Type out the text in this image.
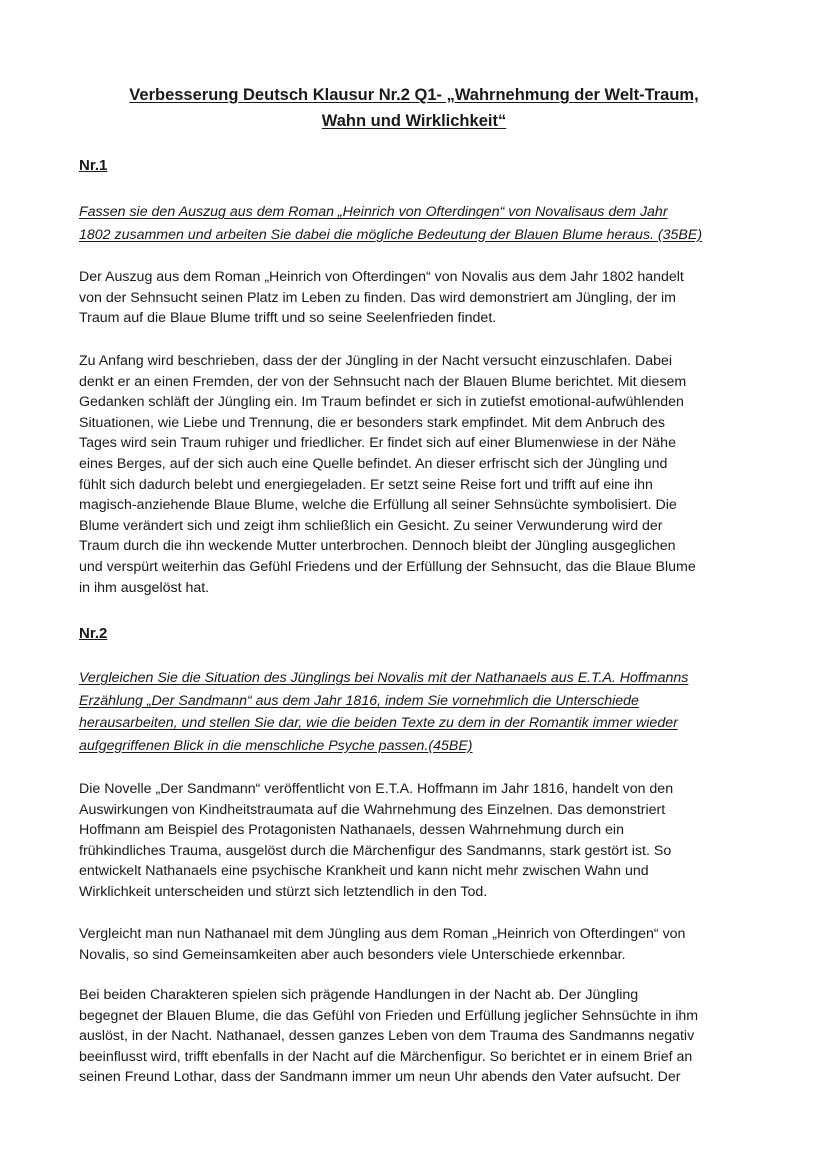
Verbesserung Deutsch Klausur Nr.2 Q1- „Wahrnehmung der Welt-Traum,
Wahn und Wirklichkeit“
Nr.1

Fassen sie den Auszug aus dem Roman „Heinrich von Ofterdingen“ von Novalisaus dem Jahr
1802 zusammen und arbeiten Sie dabei die mögliche Bedeutung der Blauen Blume heraus. (35BE)

Der Auszug aus dem Roman „Heinrich von Ofterdingen“ von Novalis aus dem Jahr 1802 handelt
von der Sehnsucht seinen Platz im Leben zu finden. Das wird demonstriert am Jüngling, der im
Traum auf die Blaue Blume trifft und so seine Seelenfrieden findet.

Zu Anfang wird beschrieben, dass der der Jüngling in der Nacht versucht einzuschlafen. Dabei
denkt er an einen Fremden, der von der Sehnsucht nach der Blauen Blume berichtet. Mit diesem
Gedanken schläft der Jüngling ein. Im Traum befindet er sich in zutiefst emotional-aufwühlenden
Situationen, wie Liebe und Trennung, die er besonders stark empfindet. Mit dem Anbruch des
Tages wird sein Traum ruhiger und friedlicher. Er findet sich auf einer Blumenwiese in der Nähe
eines Berges, auf der sich auch eine Quelle befindet. An dieser erfrischt sich der Jüngling und
fühlt sich dadurch belebt und energiegeladen. Er setzt seine Reise fort und trifft auf eine ihn
magisch-anziehende Blaue Blume, welche die Erfüllung all seiner Sehnsüchte symbolisiert. Die
Blume verändert sich und zeigt ihm schließlich ein Gesicht. Zu seiner Verwunderung wird der
Traum durch die ihn weckende Mutter unterbrochen. Dennoch bleibt der Jüngling ausgeglichen
und verspürt weiterhin das Gefühl Friedens und der Erfüllung der Sehnsucht, das die Blaue Blume
in ihm ausgelöst hat.

Nr.2

Vergleichen Sie die Situation des Jünglings bei Novalis mit der Nathanaels aus E.T.A. Hoffmanns
Erzählung „Der Sandmann“ aus dem Jahr 1816, indem Sie vornehmlich die Unterschiede
herausarbeiten, und stellen Sie dar, wie die beiden Texte zu dem in der Romantik immer wieder
aufgegriffenen Blick in die menschliche Psyche passen.(45BE)

Die Novelle „Der Sandmann“ veröffentlicht von E.T.A. Hoffmann im Jahr 1816, handelt von den
Auswirkungen von Kindheitstraumata auf die Wahrnehmung des Einzelnen. Das demonstriert
Hoffmann am Beispiel des Protagonisten Nathanaels, dessen Wahrnehmung durch ein
frühkindliches Trauma, ausgelöst durch die Märchenfigur des Sandmanns, stark gestört ist. So
entwickelt Nathanaels eine psychische Krankheit und kann nicht mehr zwischen Wahn und
Wirklichkeit unterscheiden und stürzt sich letztendlich in den Tod.

Vergleicht man nun Nathanael mit dem Jüngling aus dem Roman „Heinrich von Ofterdingen“ von
Novalis, so sind Gemeinsamkeiten aber auch besonders viele Unterschiede erkennbar.

Bei beiden Charakteren spielen sich prägende Handlungen in der Nacht ab. Der Jüngling
begegnet der Blauen Blume, die das Gefühl von Frieden und Erfüllung jeglicher Sehnsüchte in ihm
auslöst, in der Nacht. Nathanael, dessen ganzes Leben von dem Trauma des Sandmanns negativ
beeinflusst wird, trifft ebenfalls in der Nacht auf die Märchenfigur. So berichtet er in einem Brief an
seinen Freund Lothar, dass der Sandmann immer um neun Uhr abends den Vater aufsucht. Der
